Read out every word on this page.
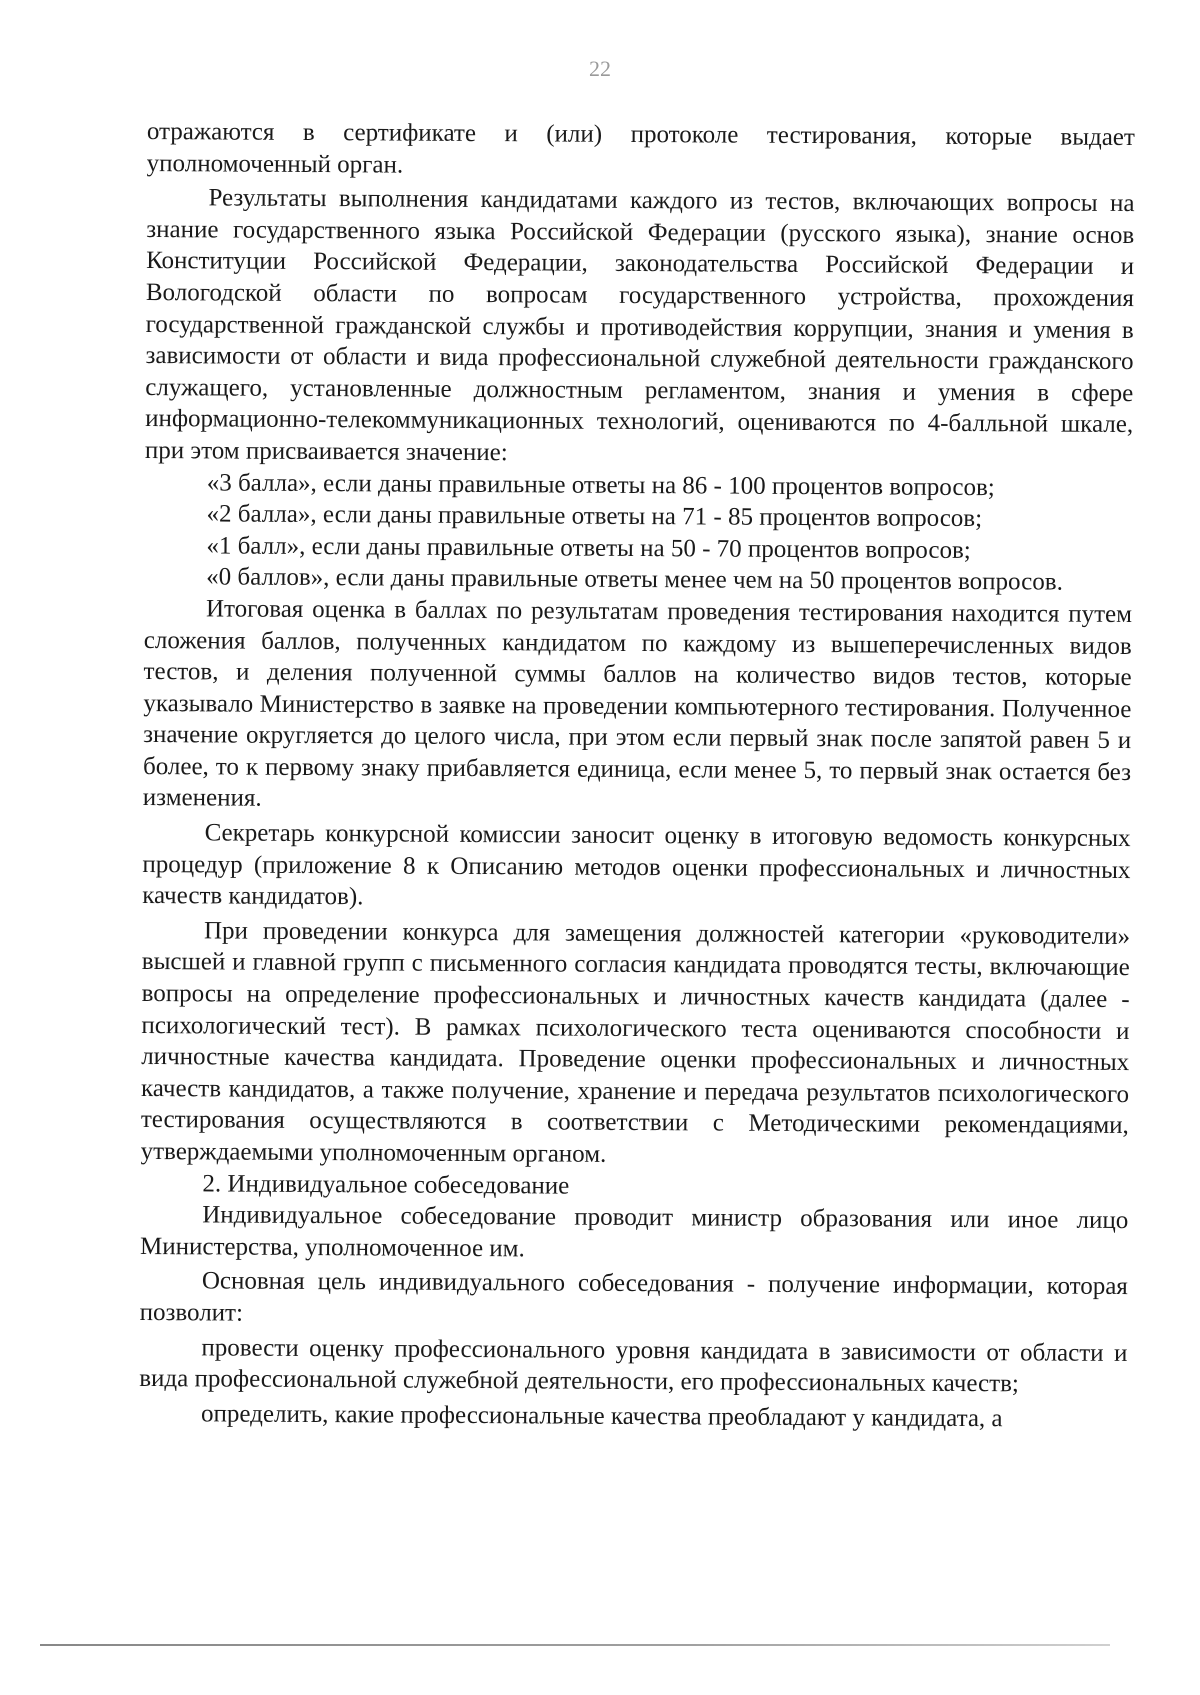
22

отражаются в сертификате и (или) протоколе тестирования, которые выдает уполномоченный орган.

Результаты выполнения кандидатами каждого из тестов, включающих вопросы на знание государственного языка Российской Федерации (русского языка), знание основ Конституции Российской Федерации, законодательства Российской Федерации и Вологодской области по вопросам государственного устройства, прохождения государственной гражданской службы и противодействия коррупции, знания и умения в зависимости от области и вида профессиональной служебной деятельности гражданского служащего, установленные должностным регламентом, знания и умения в сфере информационно-телекоммуникационных технологий, оцениваются по 4-балльной шкале, при этом присваивается значение:

«3 балла», если даны правильные ответы на 86 - 100 процентов вопросов;

«2 балла», если даны правильные ответы на 71 - 85 процентов вопросов;

«1 балл», если даны правильные ответы на 50 - 70 процентов вопросов;

«0 баллов», если даны правильные ответы менее чем на 50 процентов вопросов.

Итоговая оценка в баллах по результатам проведения тестирования находится путем сложения баллов, полученных кандидатом по каждому из вышеперечисленных видов тестов, и деления полученной суммы баллов на количество видов тестов, которые указывало Министерство в заявке на проведении компьютерного тестирования. Полученное значение округляется до целого числа, при этом если первый знак после запятой равен 5 и более, то к первому знаку прибавляется единица, если менее 5, то первый знак остается без изменения.

Секретарь конкурсной комиссии заносит оценку в итоговую ведомость конкурсных процедур (приложение 8 к Описанию методов оценки профессиональных и личностных качеств кандидатов).

При проведении конкурса для замещения должностей категории «руководители» высшей и главной групп с письменного согласия кандидата проводятся тесты, включающие вопросы на определение профессиональных и личностных качеств кандидата (далее - психологический тест). В рамках психологического теста оцениваются способности и личностные качества кандидата. Проведение оценки профессиональных и личностных качеств кандидатов, а также получение, хранение и передача результатов психологического тестирования осуществляются в соответствии с Методическими рекомендациями, утверждаемыми уполномоченным органом.

2. Индивидуальное собеседование

Индивидуальное собеседование проводит министр образования или иное лицо Министерства, уполномоченное им.

Основная цель индивидуального собеседования - получение информации, которая позволит:

провести оценку профессионального уровня кандидата в зависимости от области и вида профессиональной служебной деятельности, его профессиональных качеств;

определить, какие профессиональные качества преобладают у кандидата, а
